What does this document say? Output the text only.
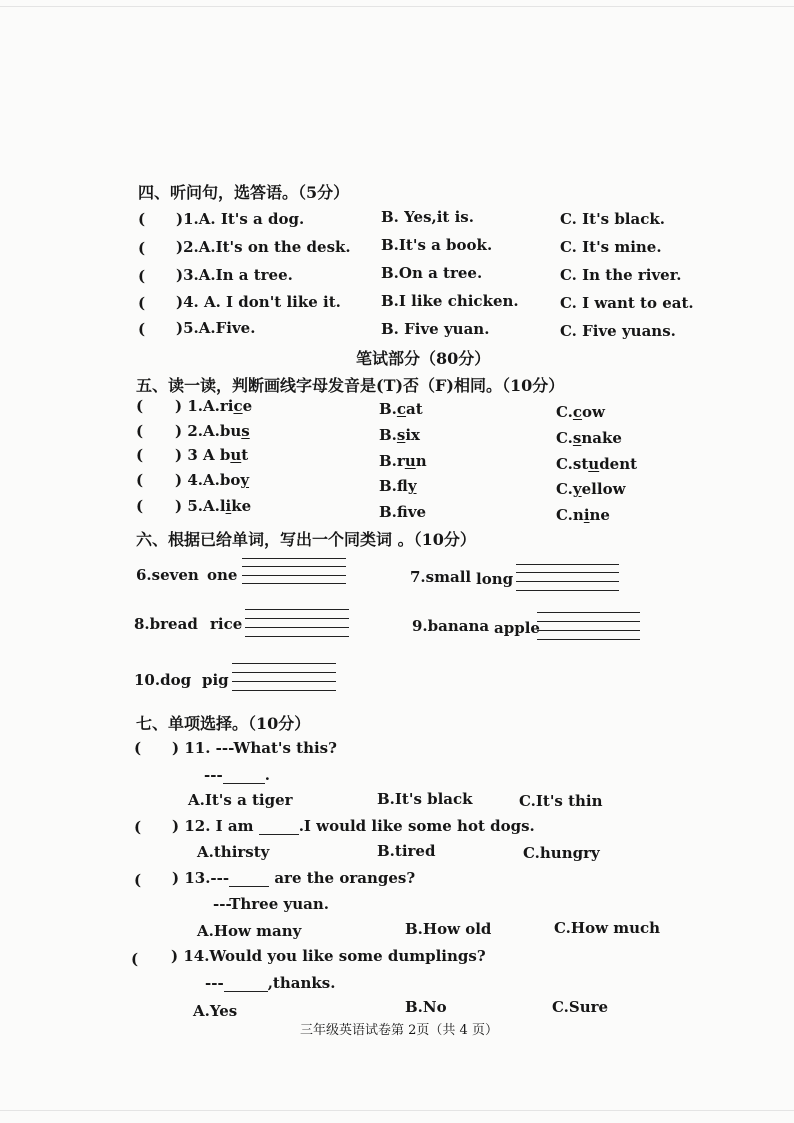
四、听问句，选答语。（5分）
( )1.A. It's a dog.	B. Yes,it is.	C. It's black.
( )2.A.It's on the desk. B.It's a book.	C. It's mine.
( )3.A.In a tree.	B.On a tree.	C. In the river.
( )4. A. I don't like it.	B.I like chicken.	C. I want to eat.
( )5.A.Five.	B. Five yuan.	C. Five yuans.
笔试部分（80分）
五、读一读，判断画线字母发音是(T)否（F)相同。（10分）
( ) 1.A.rice	B.cat	C.cow
( ) 2.A.bus	B.six	C.snake
( ) 3 A but	B.run	C.student
( ) 4.A.boy	B.fly	C.yellow
( ) 5.A.like	B.fve	C.nine
六、根据已给单词，写出一个同类词 。（10分）
6.seven one	7.small long
8.bread rice	9.banana apple
10.dog pig
七、单项选择。（10分）
( ) 11. ---What's this?
---	.
A.It's a tiger	B.It's black	C.It's thin
( ) 12. I am	.I would like some hot dogs.
A.thirsty	B.tired	C.hungry
( ) 13.---	are the oranges?
---Three yuan.
A.How many	B.How old	C.How much
( ) 14.Would you like some dumplings?
---	,thanks.
A.Yes	B.No	C.Sure
三年级英语试卷第 2页（共 4 页）
